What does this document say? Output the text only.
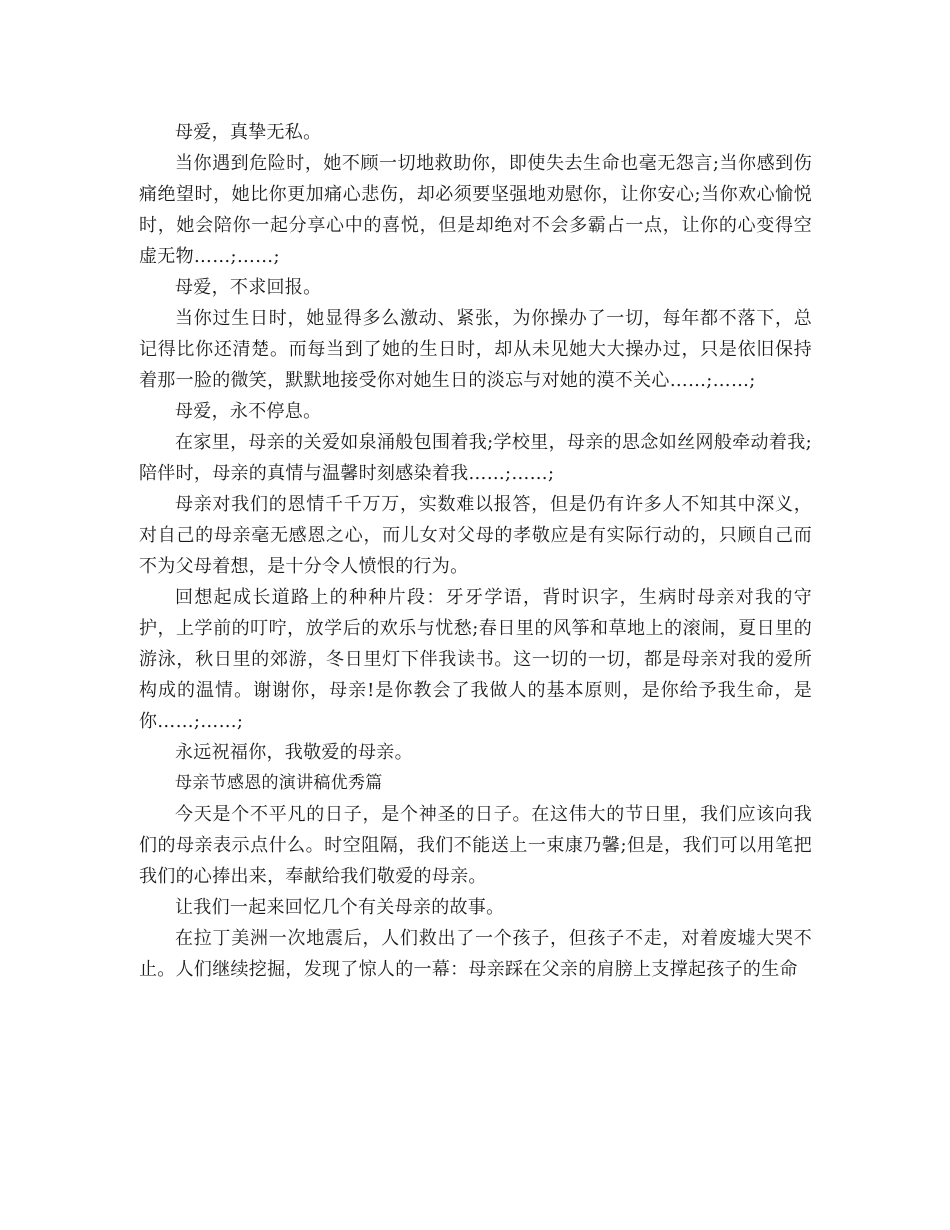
母爱，真挚无私。

当你遇到危险时，她不顾一切地救助你，即使失去生命也毫无怨言;当你感到伤痛绝望时，她比你更加痛心悲伤，却必须要坚强地劝慰你，让你安心;当你欢心愉悦时，她会陪你一起分享心中的喜悦，但是却绝对不会多霸占一点，让你的心变得空虚无物……;……;

母爱，不求回报。

当你过生日时，她显得多么激动、紧张，为你操办了一切，每年都不落下，总记得比你还清楚。而每当到了她的生日时，却从未见她大大操办过，只是依旧保持着那一脸的微笑，默默地接受你对她生日的淡忘与对她的漠不关心……;……;

母爱，永不停息。

在家里，母亲的关爱如泉涌般包围着我;学校里，母亲的思念如丝网般牵动着我;陪伴时，母亲的真情与温馨时刻感染着我……;……;

母亲对我们的恩情千千万万，实数难以报答，但是仍有许多人不知其中深义，对自己的母亲毫无感恩之心，而儿女对父母的孝敬应是有实际行动的，只顾自己而不为父母着想，是十分令人愤恨的行为。

回想起成长道路上的种种片段：牙牙学语，背时识字，生病时母亲对我的守护，上学前的叮咛，放学后的欢乐与忧愁;春日里的风筝和草地上的滚闹，夏日里的游泳，秋日里的郊游，冬日里灯下伴我读书。这一切的一切，都是母亲对我的爱所构成的温情。谢谢你，母亲!是你教会了我做人的基本原则，是你给予我生命，是你……;……;

永远祝福你，我敬爱的母亲。

母亲节感恩的演讲稿优秀篇

今天是个不平凡的日子，是个神圣的日子。在这伟大的节日里，我们应该向我们的母亲表示点什么。时空阻隔，我们不能送上一束康乃馨;但是，我们可以用笔把我们的心捧出来，奉献给我们敬爱的母亲。

让我们一起来回忆几个有关母亲的故事。

在拉丁美洲一次地震后，人们救出了一个孩子，但孩子不走，对着废墟大哭不止。人们继续挖掘，发现了惊人的一幕：母亲踩在父亲的肩膀上支撑起孩子的生命
